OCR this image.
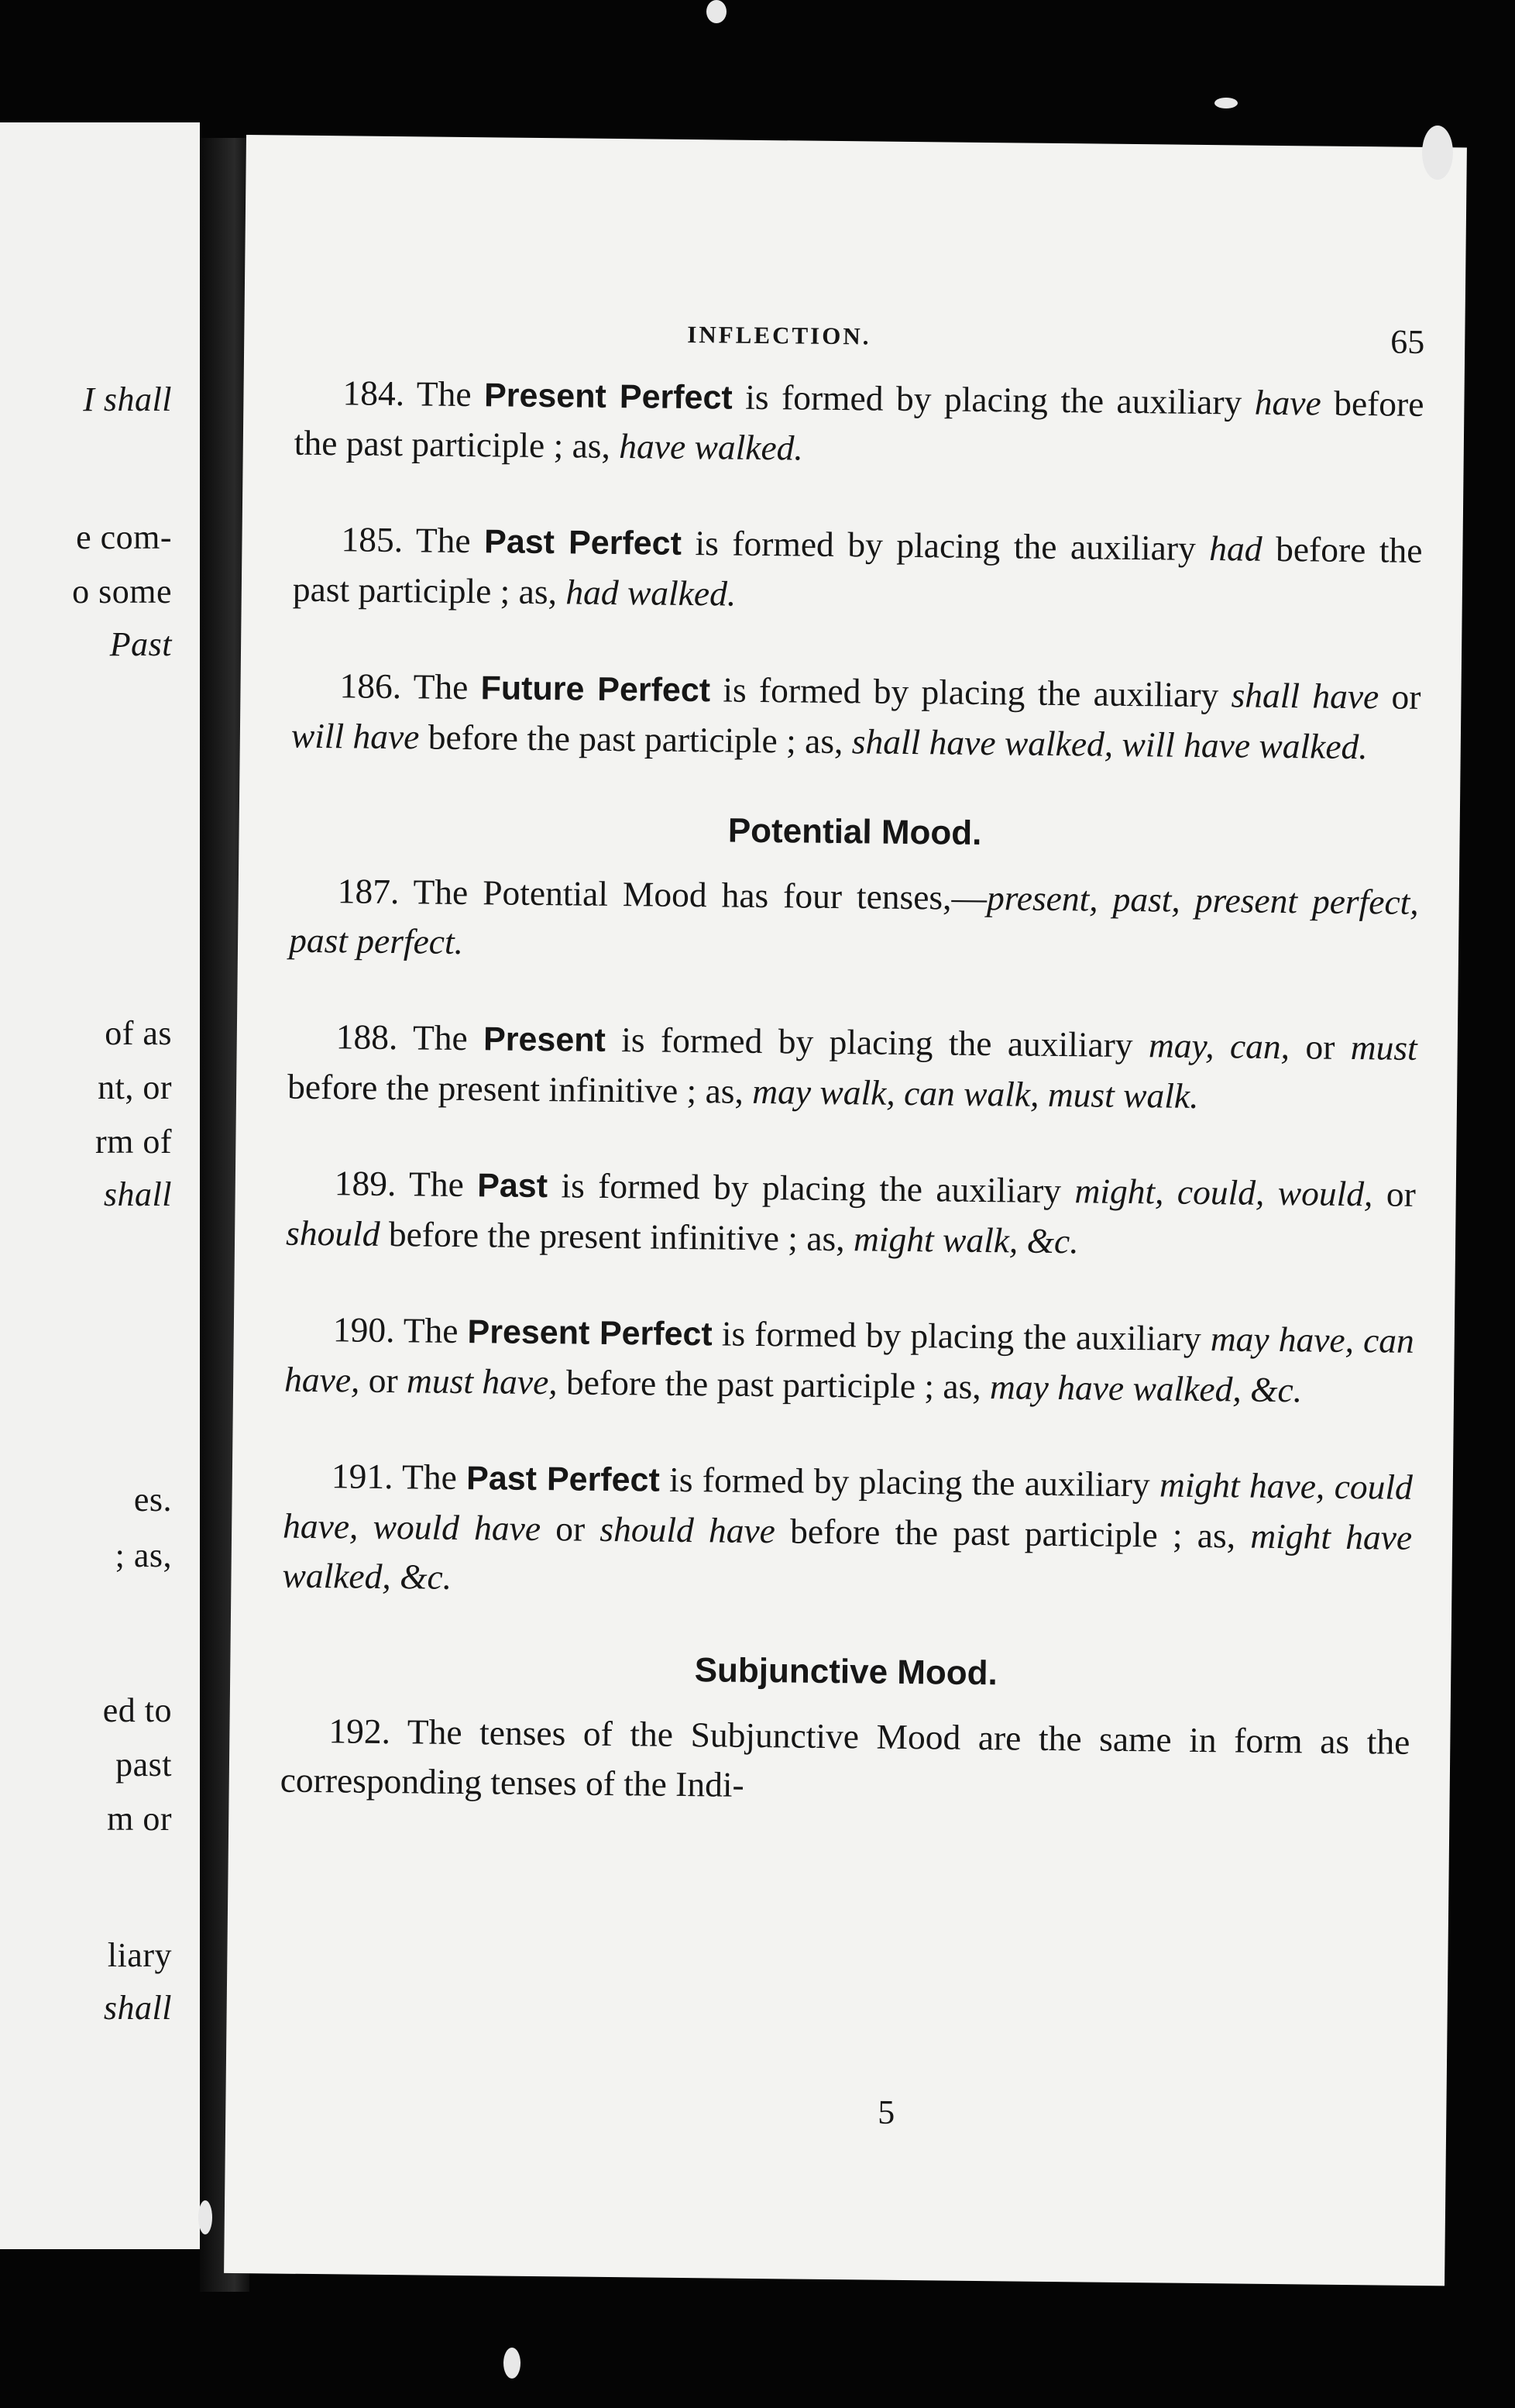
I shall
e com-
o some
Past
of as
nt, or
rm of
shall
es.
; as,
ed to
past
m or
liary
shall
INFLECTION.	65

184. The Present Perfect is formed by placing the auxiliary have before the past participle ; as, have walked.

185. The Past Perfect is formed by placing the auxiliary had before the past participle ; as, had walked.

186. The Future Perfect is formed by placing the auxiliary shall have or will have before the past participle ; as, shall have walked, will have walked.

Potential Mood.

187. The Potential Mood has four tenses,—present, past, present perfect, past perfect.

188. The Present is formed by placing the auxiliary may, can, or must before the present infinitive ; as, may walk, can walk, must walk.

189. The Past is formed by placing the auxiliary might, could, would, or should before the present infinitive ; as, might walk, &c.

190. The Present Perfect is formed by placing the auxiliary may have, can have, or must have, before the past participle ; as, may have walked, &c.

191. The Past Perfect is formed by placing the auxiliary might have, could have, would have or should have before the past participle ; as, might have walked, &c.

Subjunctive Mood.

192. The tenses of the Subjunctive Mood are the same in form as the corresponding tenses of the Indi-

5
